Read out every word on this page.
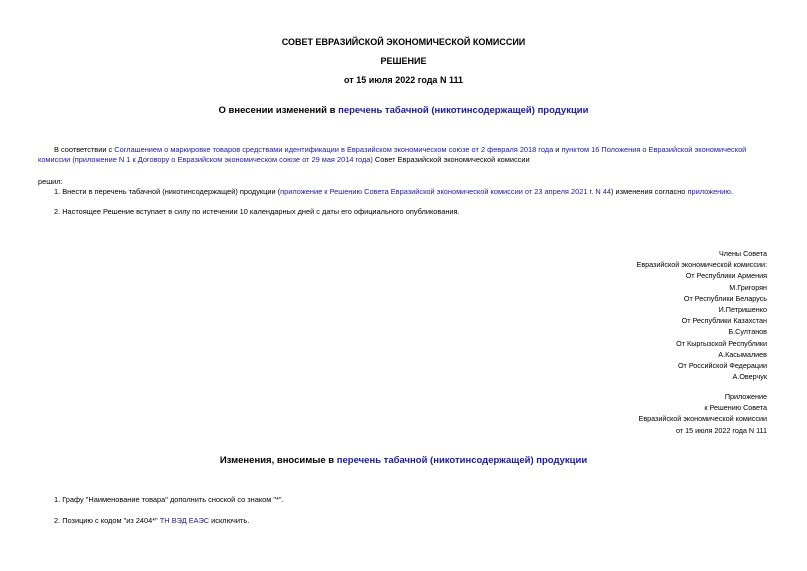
СОВЕТ ЕВРАЗИЙСКОЙ ЭКОНОМИЧЕСКОЙ КОМИССИИ
РЕШЕНИЕ
от 15 июля 2022 года N 111
О внесении изменений в перечень табачной (никотинсодержащей) продукции
В соответствии с Соглашением о маркировке товаров средствами идентификации в Евразийском экономическом союзе от 2 февраля 2018 года и пунктом 16 Положения о Евразийской экономической комиссии (приложение N 1 к Договору о Евразийском экономическом союзе от 29 мая 2014 года) Совет Евразийской экономической комиссии
решил:
1. Внести в перечень табачной (никотинсодержащей) продукции (приложение к Решению Совета Евразийской экономической комиссии от 23 апреля 2021 г. N 44) изменения согласно приложению.
2. Настоящее Решение вступает в силу по истечении 10 календарных дней с даты его официального опубликования.
Члены Совета
Евразийской экономической комиссии:
От Республики Армения
М.Григорян
От Республики Беларусь
И.Петришенко
От Республики Казахстан
Б.Султанов
От Кыргызской Республики
А.Касымалиев
От Российской Федерации
А.Оверчук
Приложение
к Решению Совета
Евразийской экономической комиссии
от 15 июля 2022 года N 111
Изменения, вносимые в перечень табачной (никотинсодержащей) продукции
1. Графу "Наименование товара" дополнить сноской со знаком "*".
2. Позицию с кодом "из 2404*" ТН ВЭД ЕАЭС исключить.
